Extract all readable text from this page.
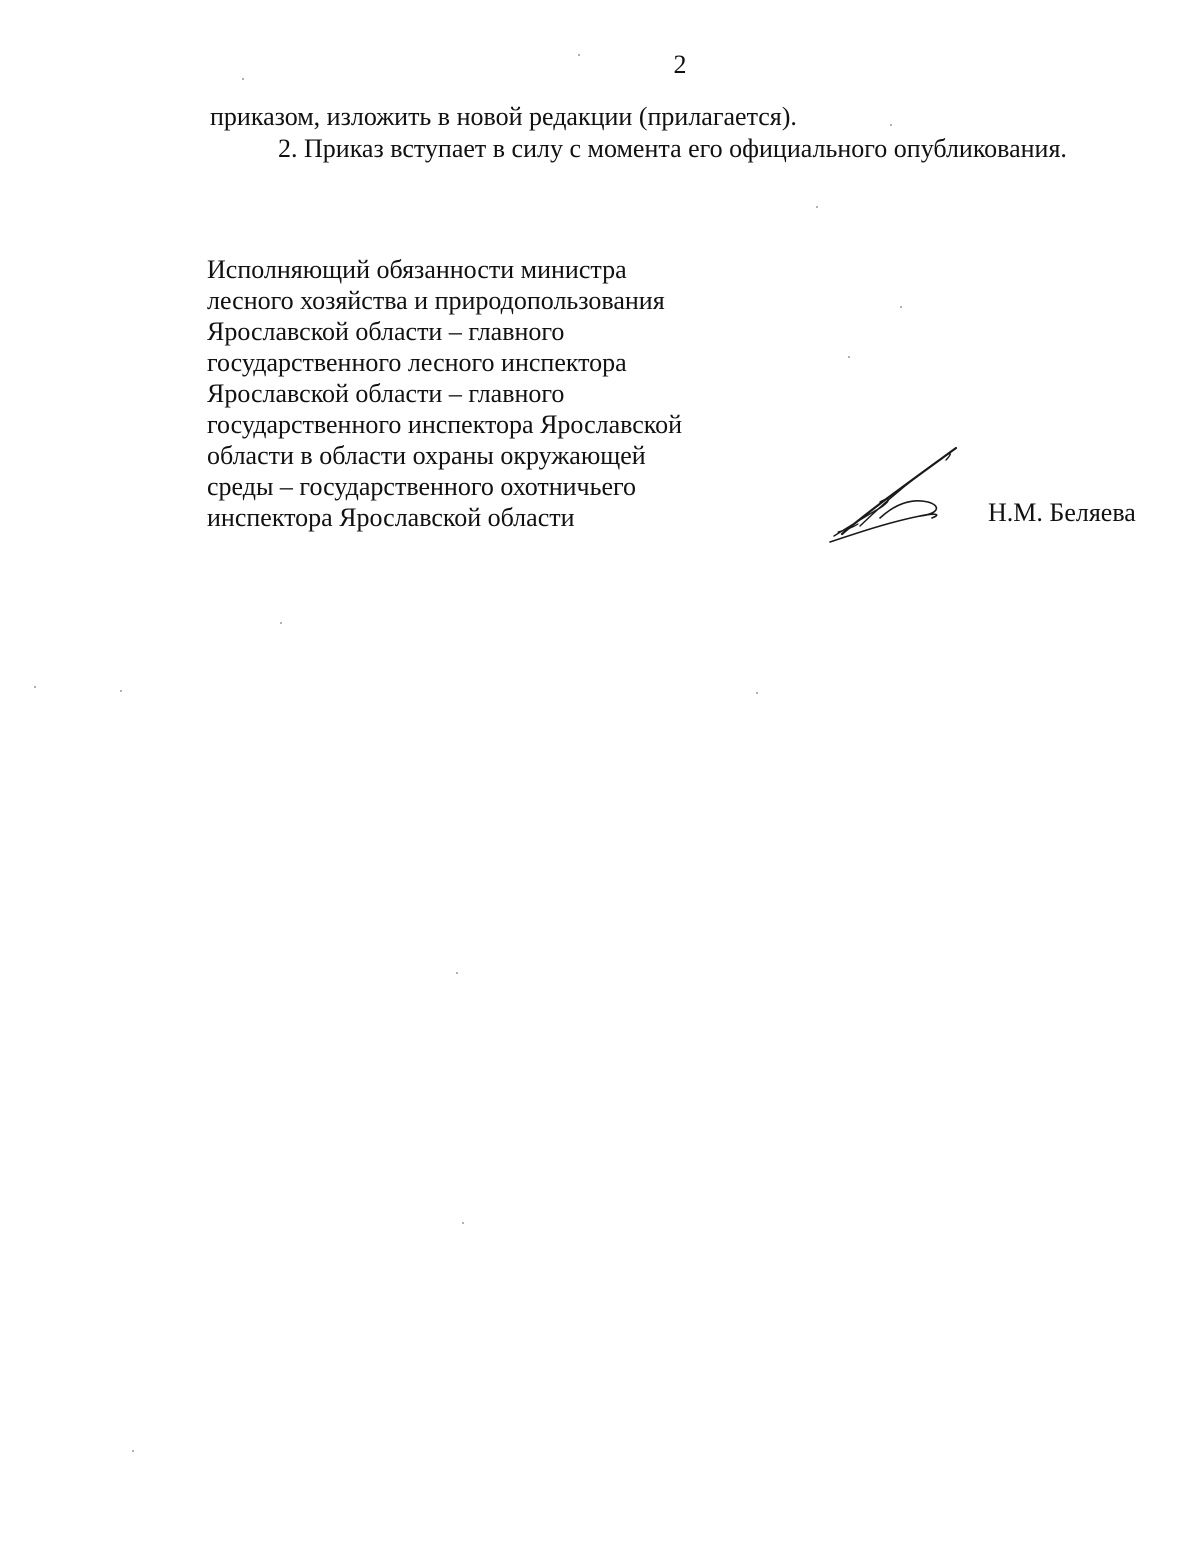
2
приказом, изложить в новой редакции (прилагается).
2. Приказ вступает в силу с момента его официального опубликования.
Исполняющий обязанности министра
лесного хозяйства и природопользования
Ярославской области – главного
государственного лесного инспектора
Ярославской области – главного
государственного инспектора Ярославской
области в области охраны окружающей
среды – государственного охотничьего
инспектора Ярославской области	Н.М. Беляева
